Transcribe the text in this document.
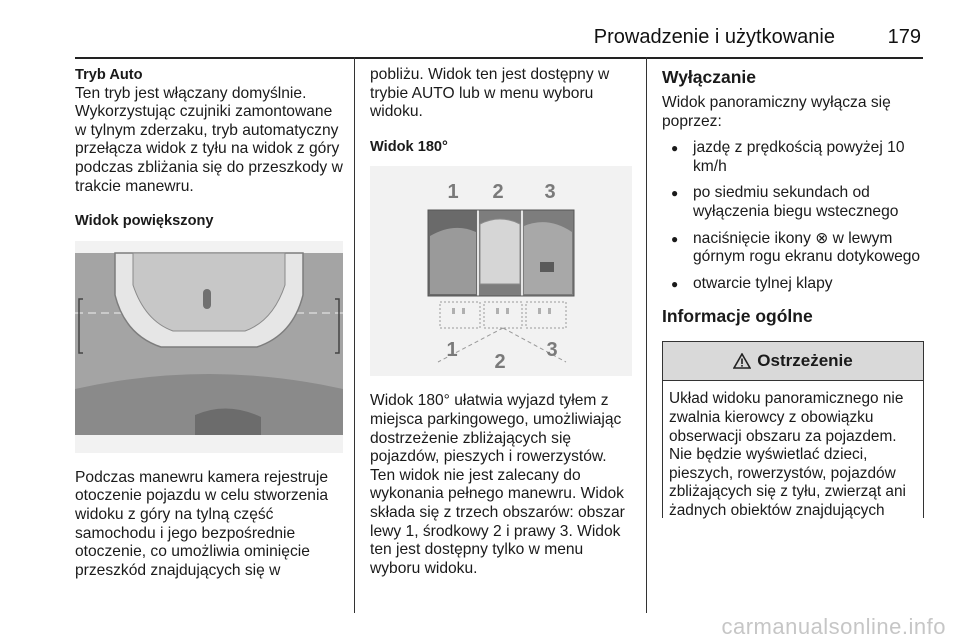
Prowadzenie i użytkowanie	179

Tryb Auto

Ten tryb jest włączany domyślnie. Wykorzystując czujniki zamontowane w tylnym zderzaku, tryb automatyczny przełącza widok z tyłu na widok z góry podczas zbliżania się do przeszkody w trakcie manewru.

Widok powiększony

Podczas manewru kamera rejestruje otoczenie pojazdu w celu stworzenia widoku z góry na tylną część samochodu i jego bezpośrednie otoczenie, co umożliwia ominięcie przeszkód znajdujących się w

pobliżu. Widok ten jest dostępny w trybie AUTO lub w menu wyboru widoku.

Widok 180°

1 2 3
1
2
3

Widok 180° ułatwia wyjazd tyłem z miejsca parkingowego, umożliwiając dostrzeżenie zbliżających się pojazdów, pieszych i rowerzystów. Ten widok nie jest zalecany do wykonania pełnego manewru. Widok składa się z trzech obszarów: obszar lewy 1, środkowy 2 i prawy 3. Widok ten jest dostępny tylko w menu wyboru widoku.

Wyłączanie

Widok panoramiczny wyłącza się poprzez:

● jazdę z prędkością powyżej 10 km/h
● po siedmiu sekundach od wyłączenia biegu wstecznego
● naciśnięcie ikony ⊗ w lewym górnym rogu ekranu dotykowego
● otwarcie tylnej klapy

Informacje ogólne

Ostrzeżenie
Układ widoku panoramicznego nie zwalnia kierowcy z obowiązku obserwacji obszaru za pojazdem. Nie będzie wyświetlać dzieci, pieszych, rowerzystów, pojazdów zbliżających się z tyłu, zwierząt ani żadnych obiektów znajdujących
carmanualsonline.info
